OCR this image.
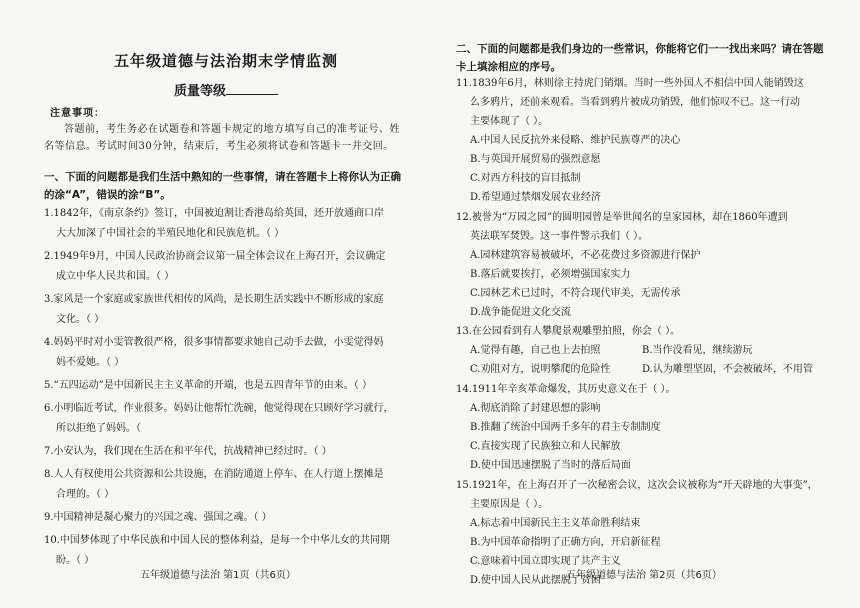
五年级道德与法治期末学情监测
质量等级
注意事项：
答题前，考生务必在试题卷和答题卡规定的地方填写自己的准考证号、姓名等信息。考试时间30分钟，结束后，考生必须将试卷和答题卡一并交回。
一、下面的问题都是我们生活中熟知的一些事情，请在答题卡上将你认为正确的涂“A”，错误的涂“B”。
1.1842年，《南京条约》签订，中国被迫割让香港岛给英国，还开放通商口岸
大大加深了中国社会的半殖民地化和民族危机。（ ）
2.1949年9月，中国人民政治协商会议第一届全体会议在上海召开，会议确定
成立中华人民共和国。（ ）
3.家风是一个家庭或家族世代相传的风尚，是长期生活实践中不断形成的家庭
文化。（ ）
4.妈妈平时对小雯管教很严格，很多事情都要求她自己动手去做，小雯觉得妈
妈不爱她。（ ）
5.“五四运动”是中国新民主主义革命的开端，也是五四青年节的由来。（ ）
6.小明临近考试，作业很多。妈妈让他帮忙洗碗，他觉得现在只顾好学习就行，
所以拒绝了妈妈。（
7.小安认为，我们现在生活在和平年代，抗战精神已经过时。（ ）
8.人人有权使用公共资源和公共设施，在消防通道上停车、在人行道上摆摊是
合理的。（ ）
9.中国精神是凝心聚力的兴国之魂、强国之魂。（ ）
10.中国梦体现了中华民族和中国人民的整体利益，是每一个中华儿女的共同期
盼。（ ）
五年级道德与法治 第1页（共6页）
二、下面的问题都是我们身边的一些常识，你能将它们一一找出来吗？请在答题卡上填涂相应的序号。
11.1839年6月，林则徐主持虎门销烟。当时一些外国人不相信中国人能销毁这
么多鸦片，还前来观看。当看到鸦片被成功销毁，他们惊叹不已。这一行动
主要体现了（ ）。
A.中国人民反抗外来侵略、维护民族尊严的决心
B.与英国开展贸易的强烈意愿
C.对西方科技的盲目抵制
D.希望通过禁烟发展农业经济
12.被誉为“万园之园”的圆明园曾是举世闻名的皇家园林，却在1860年遭到
英法联军焚毁。这一事件警示我们（ ）。
A.园林建筑容易被破坏，不必花费过多资源进行保护
B.落后就要挨打，必须增强国家实力
C.园林艺术已过时，不符合现代审美，无需传承
D.战争能促进文化交流
13.在公园看到有人攀爬景观雕塑拍照，你会（ ）。
A.觉得有趣，自己也上去拍照	B.当作没看见，继续游玩
C.劝阻对方，说明攀爬的危险性	D.认为雕塑坚固，不会被破坏，不用管
14.1911年辛亥革命爆发，其历史意义在于（ ）。
A.彻底消除了封建思想的影响
B.推翻了统治中国两千多年的君主专制制度
C.直接实现了民族独立和人民解放
D.使中国迅速摆脱了当时的落后局面
15.1921年，在上海召开了一次秘密会议，这次会议被称为“开天辟地的大事变”，
主要原因是（ ）。
A.标志着中国新民主主义革命胜利结束
B.为中国革命指明了正确方向，开启新征程
C.意味着中国立即实现了共产主义
D.使中国人民从此摆脱了贫困
五年级道德与法治 第2页（共6页）
